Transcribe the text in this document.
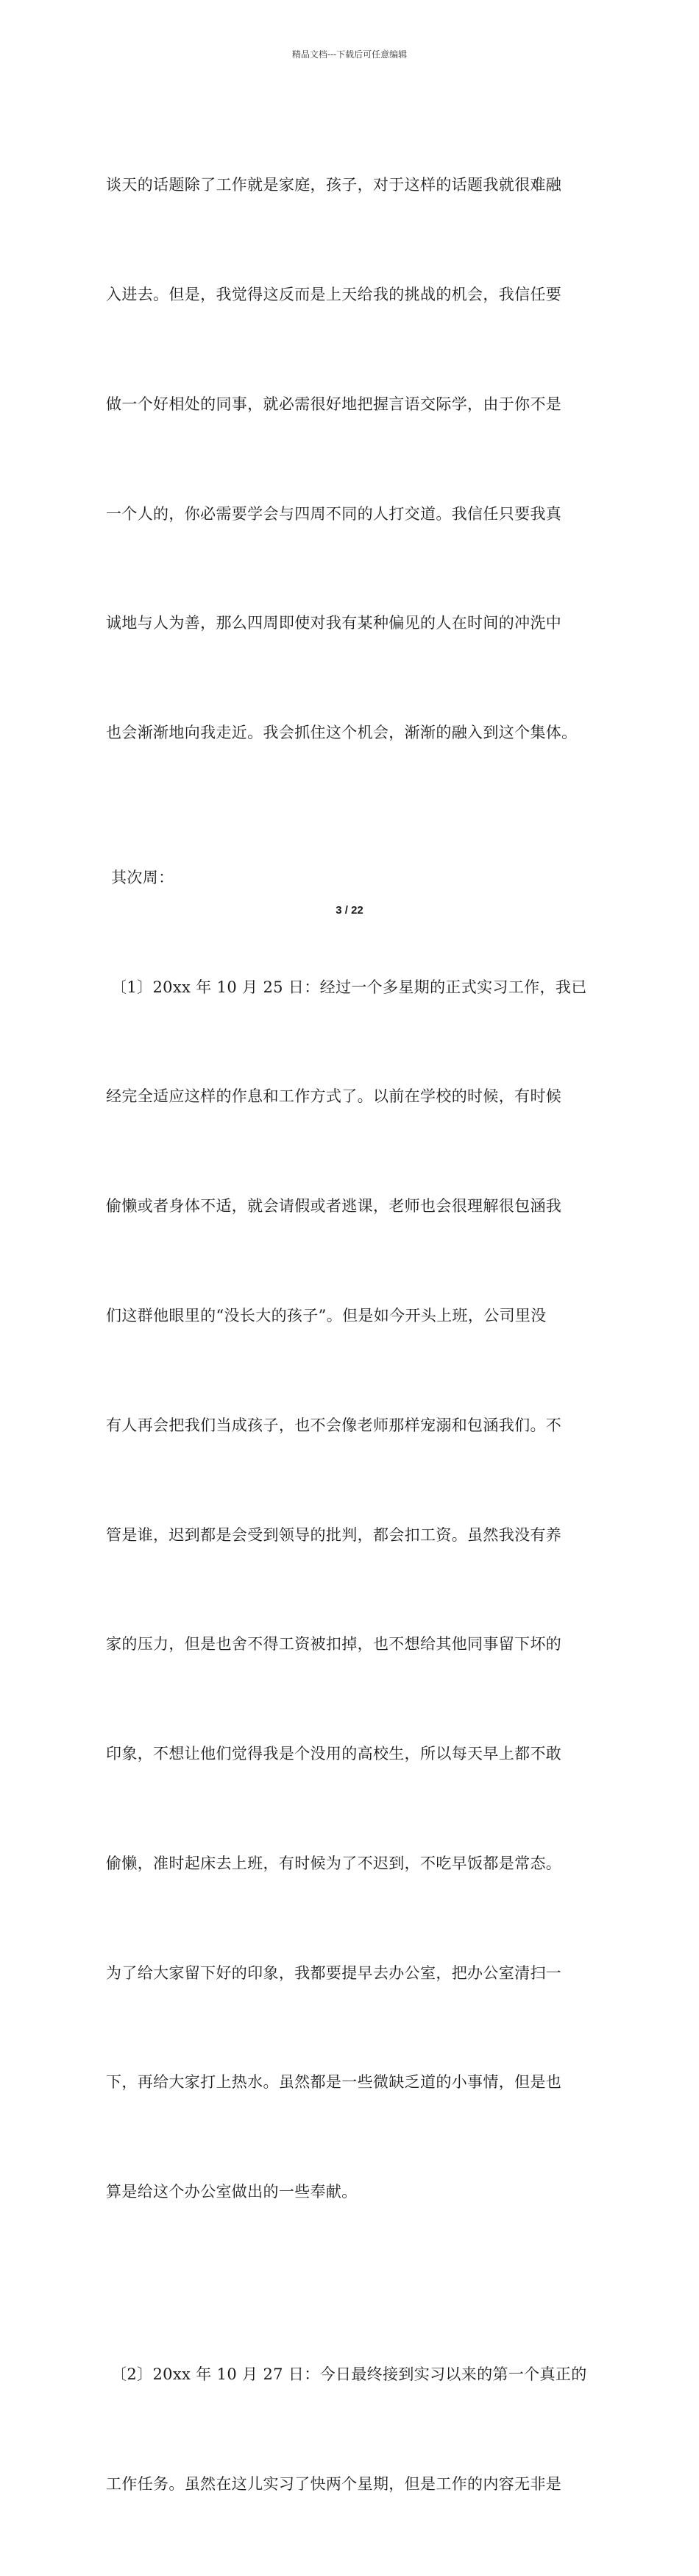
精品文档---下载后可任意编辑

谈天的话题除了工作就是家庭，孩子，对于这样的话题我就很难融

入进去。但是，我觉得这反而是上天给我的挑战的机会，我信任要

做一个好相处的同事，就必需很好地把握言语交际学，由于你不是

一个人的，你必需要学会与四周不同的人打交道。我信任只要我真

诚地与人为善，那么四周即使对我有某种偏见的人在时间的冲洗中

也会渐渐地向我走近。我会抓住这个机会，渐渐的融入到这个集体。

其次周：

〔1〕20xx 年 10 月 25 日：经过一个多星期的正式实习工作，我已

经完全适应这样的作息和工作方式了。以前在学校的时候，有时候

偷懒或者身体不适，就会请假或者逃课，老师也会很理解很包涵我

们这群他眼里的“没长大的孩子”。但是如今开头上班，公司里没

有人再会把我们当成孩子，也不会像老师那样宠溺和包涵我们。不

管是谁，迟到都是会受到领导的批判，都会扣工资。虽然我没有养

家的压力，但是也舍不得工资被扣掉，也不想给其他同事留下坏的

印象，不想让他们觉得我是个没用的高校生，所以每天早上都不敢

偷懒，准时起床去上班，有时候为了不迟到，不吃早饭都是常态。

为了给大家留下好的印象，我都要提早去办公室，把办公室清扫一

下，再给大家打上热水。虽然都是一些微缺乏道的小事情，但是也

算是给这个办公室做出的一些奉献。

〔2〕20xx 年 10 月 27 日：今日最终接到实习以来的第一个真正的

工作任务。虽然在这儿实习了快两个星期，但是工作的内容无非是

3 / 22
